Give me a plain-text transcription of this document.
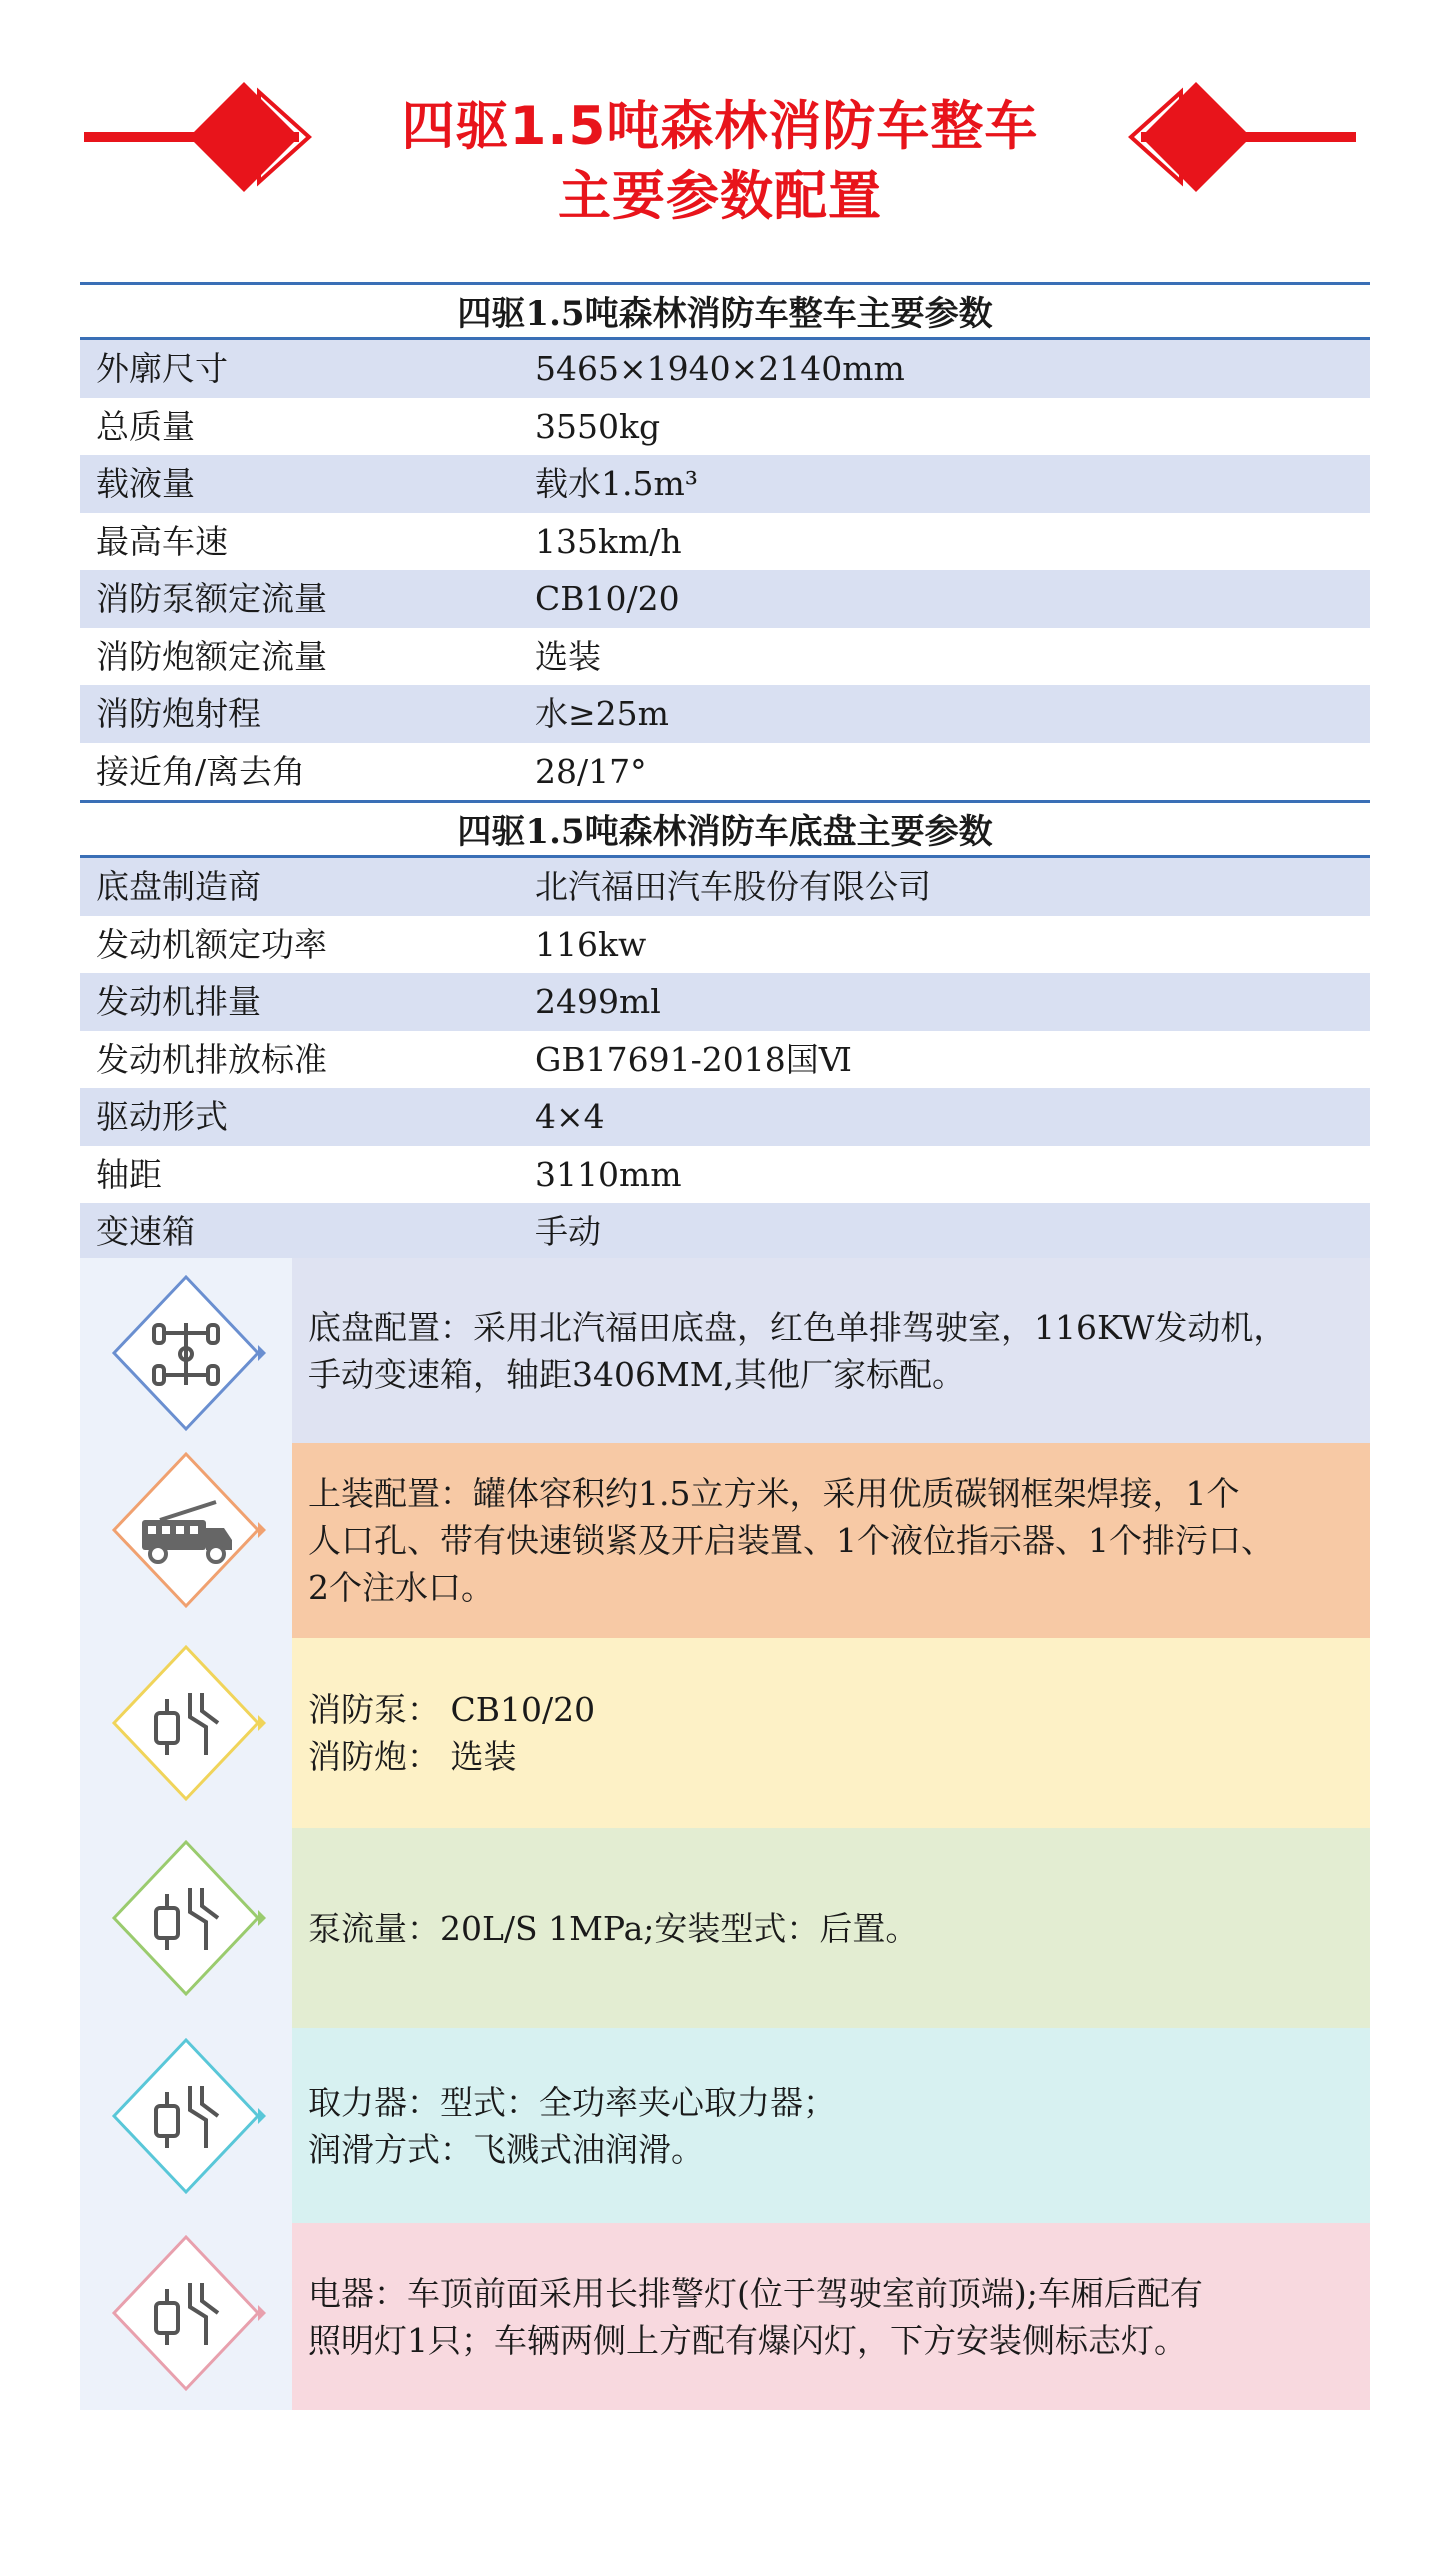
四驱1.5吨森林消防车整车
主要参数配置
四驱1.5吨森林消防车整车主要参数
外廓尺寸	5465×1940×2140mm
总质量	3550kg
载液量	载水1.5m³
最高车速	135km/h
消防泵额定流量	CB10/20
消防炮额定流量	选装
消防炮射程	水≥25m
接近角/离去角	28/17°
四驱1.5吨森林消防车底盘主要参数
底盘制造商	北汽福田汽车股份有限公司
发动机额定功率	116kw
发动机排量	2499ml
发动机排放标准	GB17691-2018国Ⅵ
驱动形式	4×4
轴距	3110mm
变速箱	手动
底盘配置：采用北汽福田底盘，红色单排驾驶室，116KW发动机，
手动变速箱，轴距3406MM,其他厂家标配。
上装配置：罐体容积约1.5立方米，采用优质碳钢框架焊接，1个
人口孔、带有快速锁紧及开启装置、1个液位指示器、1个排污口、
2个注水口。
消防泵： CB10/20
消防炮： 选装
泵流量：20L/S 1MPa;安装型式：后置。
取力器：型式：全功率夹心取力器；
润滑方式：飞溅式油润滑。
电器：车顶前面采用长排警灯(位于驾驶室前顶端);车厢后配有
照明灯1只；车辆两侧上方配有爆闪灯，下方安装侧标志灯。
